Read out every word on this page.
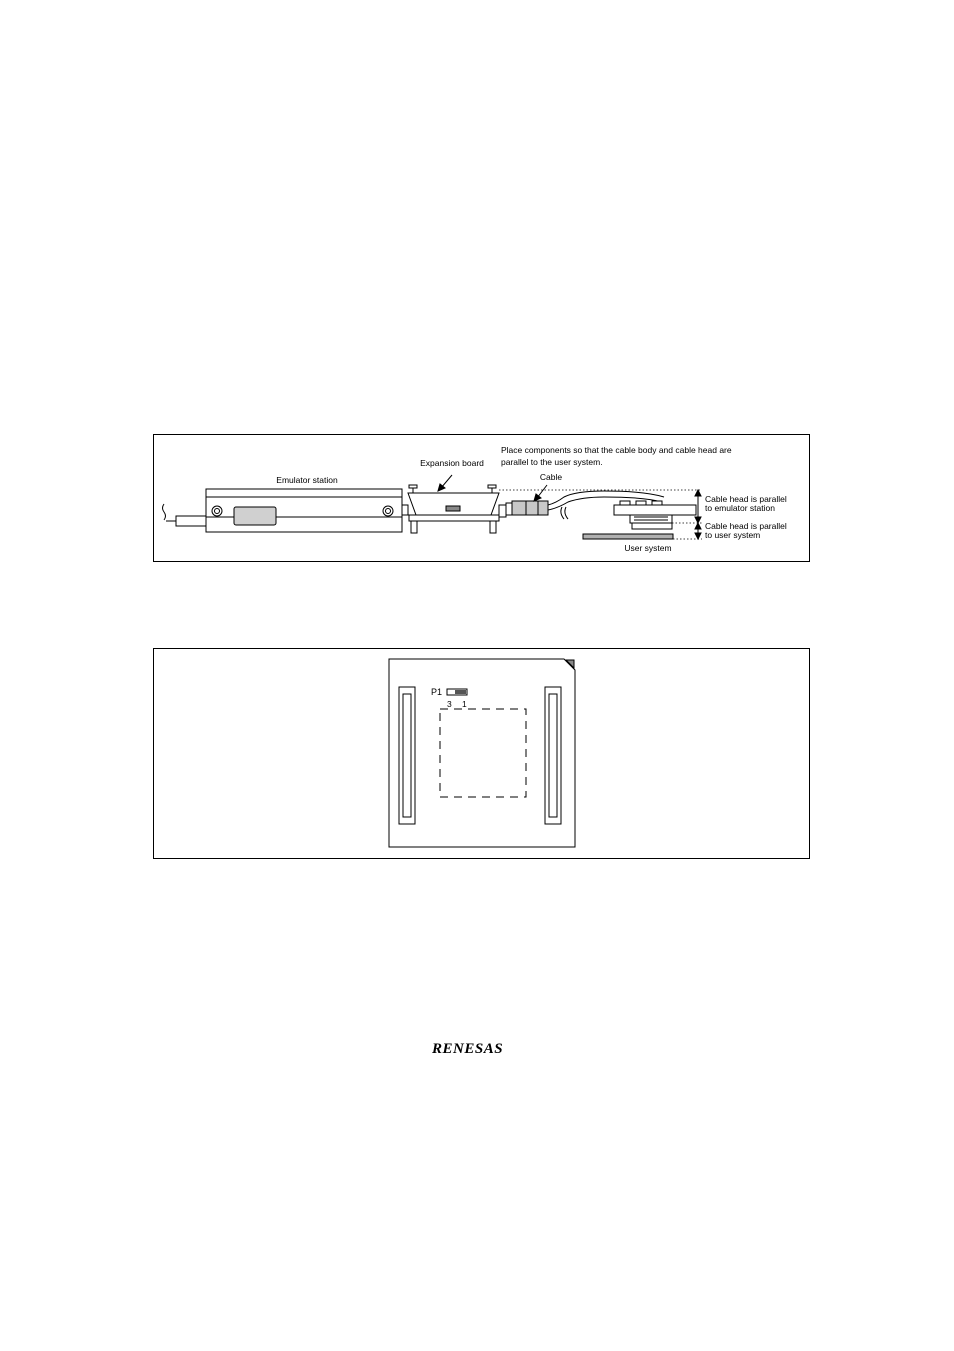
Emulator station
Expansion board
Place components so that the cable body and cable head are
parallel to the user system.
Cable
Cable head is parallel
to emulator station
Cable head is parallel
to user system
User system
P1
3 1
RENESAS
